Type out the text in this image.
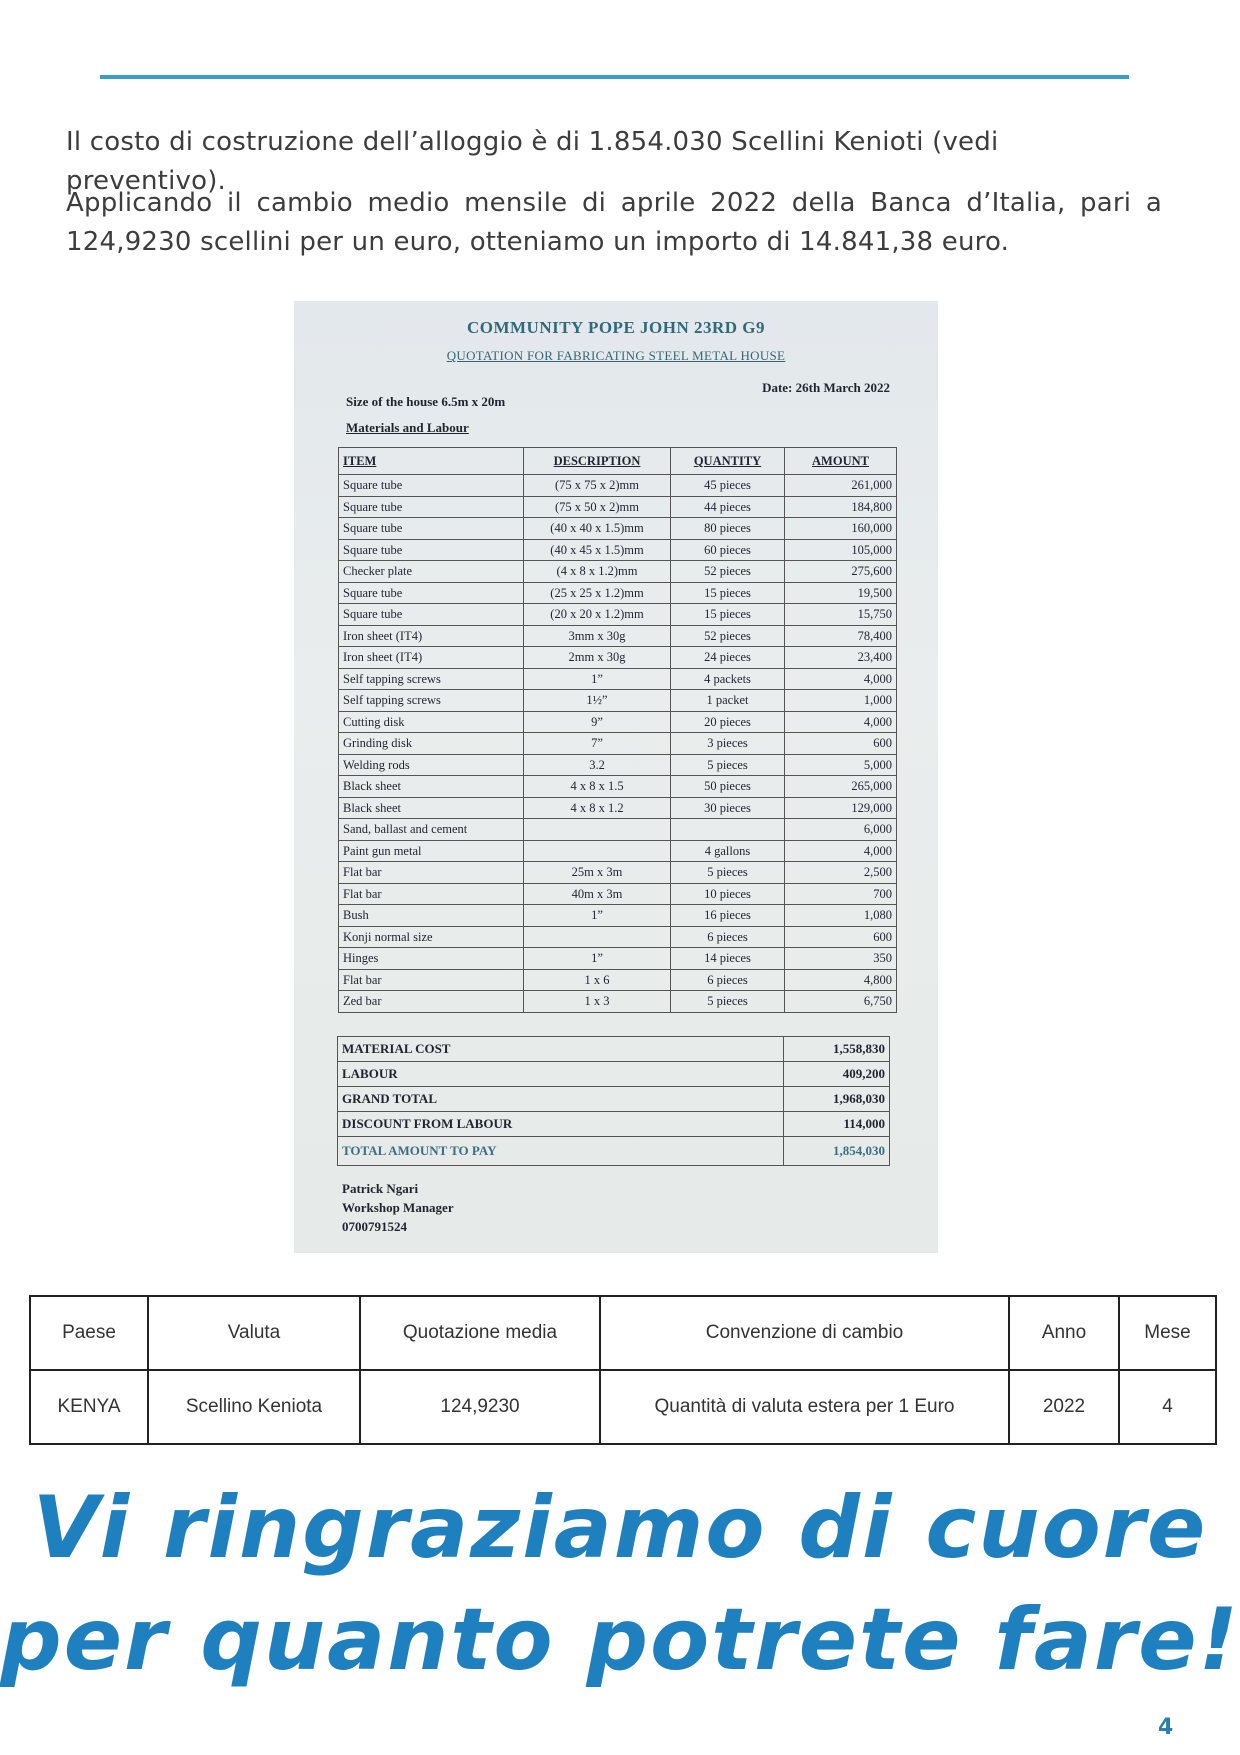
Il costo di costruzione dell’alloggio è di 1.854.030 Scellini Kenioti (vedi preventivo).

Applicando il cambio medio mensile di aprile 2022 della Banca d’Italia, pari a 124,9230 scellini per un euro, otteniamo un importo di 14.841,38 euro.

COMMUNITY POPE JOHN 23RD G9
QUOTATION FOR FABRICATING STEEL METAL HOUSE
Date: 26th March 2022
Size of the house 6.5m x 20m
Materials and Labour
ITEM	DESCRIPTION	QUANTITY	AMOUNT
Square tube	(75 x 75 x 2)mm	45 pieces	261,000
Square tube	(75 x 50 x 2)mm	44 pieces	184,800
Square tube	(40 x 40 x 1.5)mm	80 pieces	160,000
Square tube	(40 x 45 x 1.5)mm	60 pieces	105,000
Checker plate	(4 x 8 x 1.2)mm	52 pieces	275,600
Square tube	(25 x 25 x 1.2)mm	15 pieces	19,500
Square tube	(20 x 20 x 1.2)mm	15 pieces	15,750
Iron sheet (IT4)	3mm x 30g	52 pieces	78,400
Iron sheet (IT4)	2mm x 30g	24 pieces	23,400
Self tapping screws	1”	4 packets	4,000
Self tapping screws	1½”	1 packet	1,000
Cutting disk	9”	20 pieces	4,000
Grinding disk	7”	3 pieces	600
Welding rods	3.2	5 pieces	5,000
Black sheet	4 x 8 x 1.5	50 pieces	265,000
Black sheet	4 x 8 x 1.2	30 pieces	129,000
Sand, ballast and cement			6,000
Paint gun metal		4 gallons	4,000
Flat bar	25m x 3m	5 pieces	2,500
Flat bar	40m x 3m	10 pieces	700
Bush	1”	16 pieces	1,080
Konji normal size		6 pieces	600
Hinges	1”	14 pieces	350
Flat bar	1 x 6	6 pieces	4,800
Zed bar	1 x 3	5 pieces	6,750
MATERIAL COST	1,558,830
LABOUR	409,200
GRAND TOTAL	1,968,030
DISCOUNT FROM LABOUR	114,000
TOTAL AMOUNT TO PAY	1,854,030
Patrick Ngari
Workshop Manager
0700791524
Paese	Valuta	Quotazione media	Convenzione di cambio	Anno	Mese
KENYA	Scellino Keniota	124,9230	Quantità di valuta estera per 1 Euro	2022	4
Vi ringraziamo di cuore
per quanto potrete fare!
4
